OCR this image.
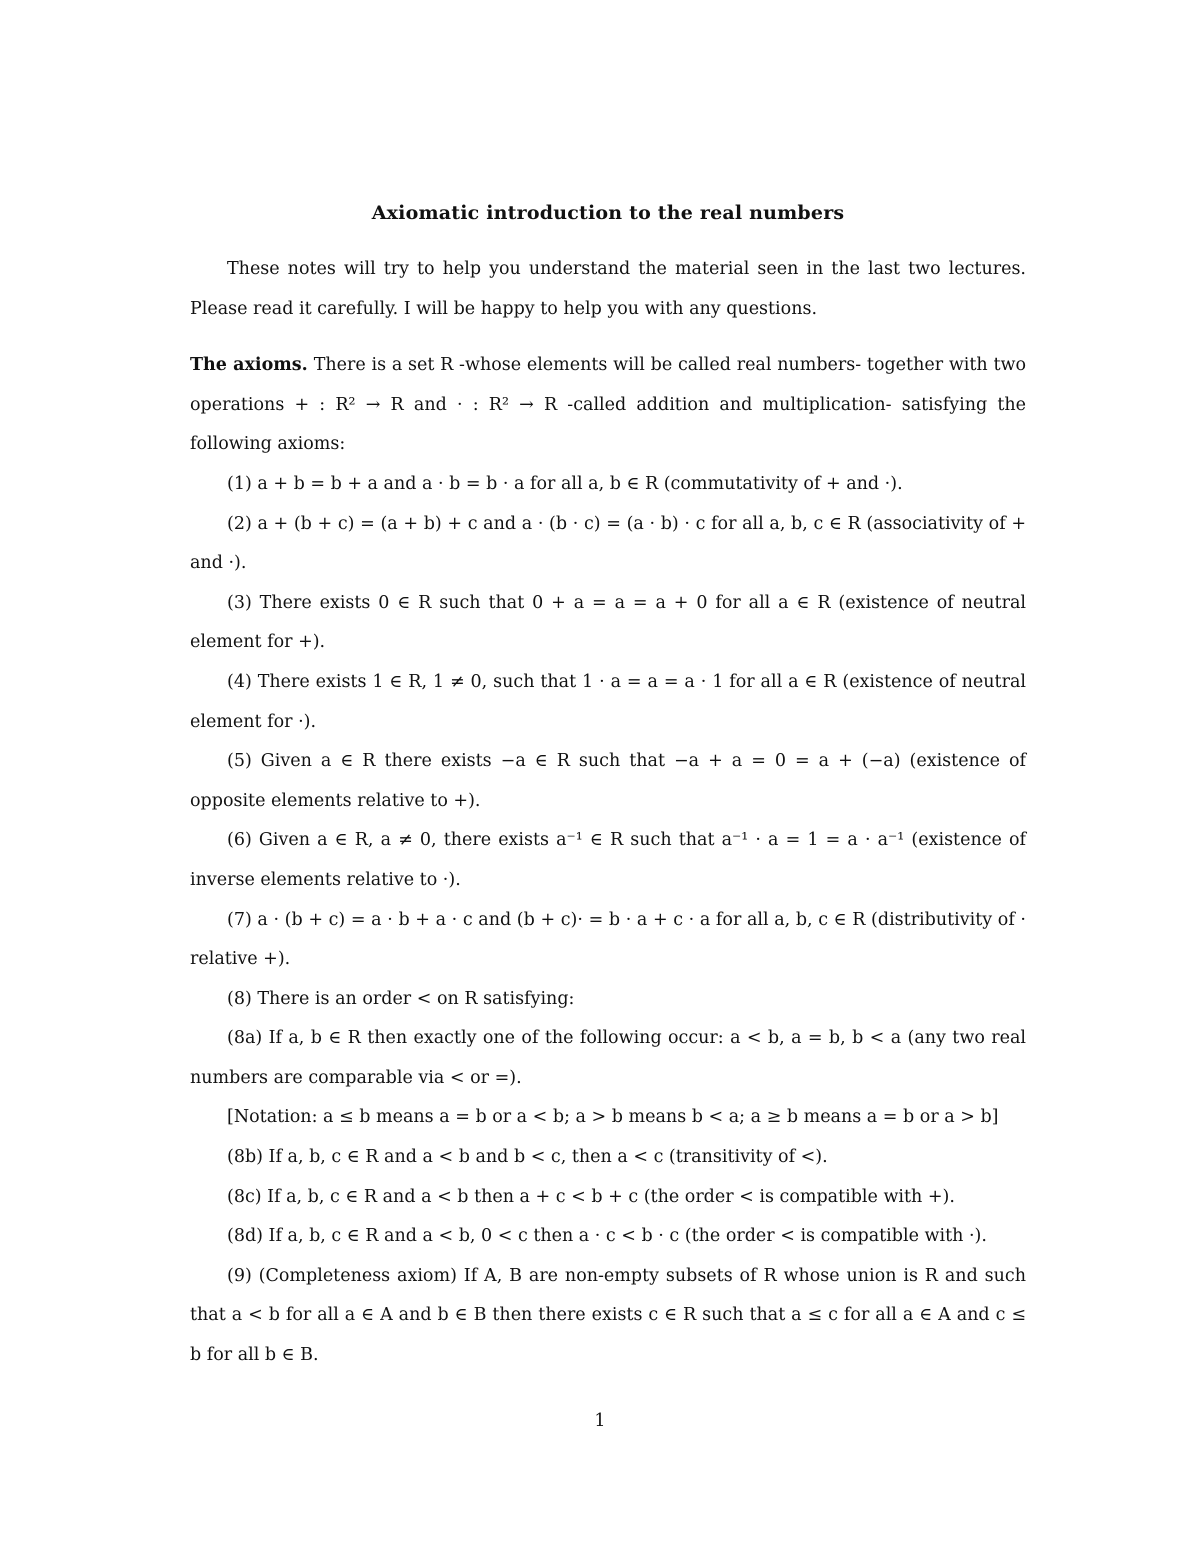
Axiomatic introduction to the real numbers

These notes will try to help you understand the material seen in the last two lectures. Please read it carefully. I will be happy to help you with any questions.

The axioms. There is a set R -whose elements will be called real numbers- together with two operations + : R² → R and · : R² → R -called addition and multiplication- satisfying the following axioms:

(1) a + b = b + a and a · b = b · a for all a, b ∈ R (commutativity of + and ·).

(2) a + (b + c) = (a + b) + c and a · (b · c) = (a · b) · c for all a, b, c ∈ R (associativity of + and ·).

(3) There exists 0 ∈ R such that 0 + a = a = a + 0 for all a ∈ R (existence of neutral element for +).

(4) There exists 1 ∈ R, 1 ≠ 0, such that 1 · a = a = a · 1 for all a ∈ R (existence of neutral element for ·).

(5) Given a ∈ R there exists −a ∈ R such that −a + a = 0 = a + (−a) (existence of opposite elements relative to +).

(6) Given a ∈ R, a ≠ 0, there exists a⁻¹ ∈ R such that a⁻¹ · a = 1 = a · a⁻¹ (existence of inverse elements relative to ·).

(7) a · (b + c) = a · b + a · c and (b + c)· = b · a + c · a for all a, b, c ∈ R (distributivity of · relative +).

(8) There is an order < on R satisfying:

(8a) If a, b ∈ R then exactly one of the following occur: a < b, a = b, b < a (any two real numbers are comparable via < or =).

[Notation: a ≤ b means a = b or a < b; a > b means b < a; a ≥ b means a = b or a > b]

(8b) If a, b, c ∈ R and a < b and b < c, then a < c (transitivity of <).

(8c) If a, b, c ∈ R and a < b then a + c < b + c (the order < is compatible with +).

(8d) If a, b, c ∈ R and a < b, 0 < c then a · c < b · c (the order < is compatible with ·).

(9) (Completeness axiom) If A, B are non-empty subsets of R whose union is R and such that a < b for all a ∈ A and b ∈ B then there exists c ∈ R such that a ≤ c for all a ∈ A and c ≤ b for all b ∈ B.

1
